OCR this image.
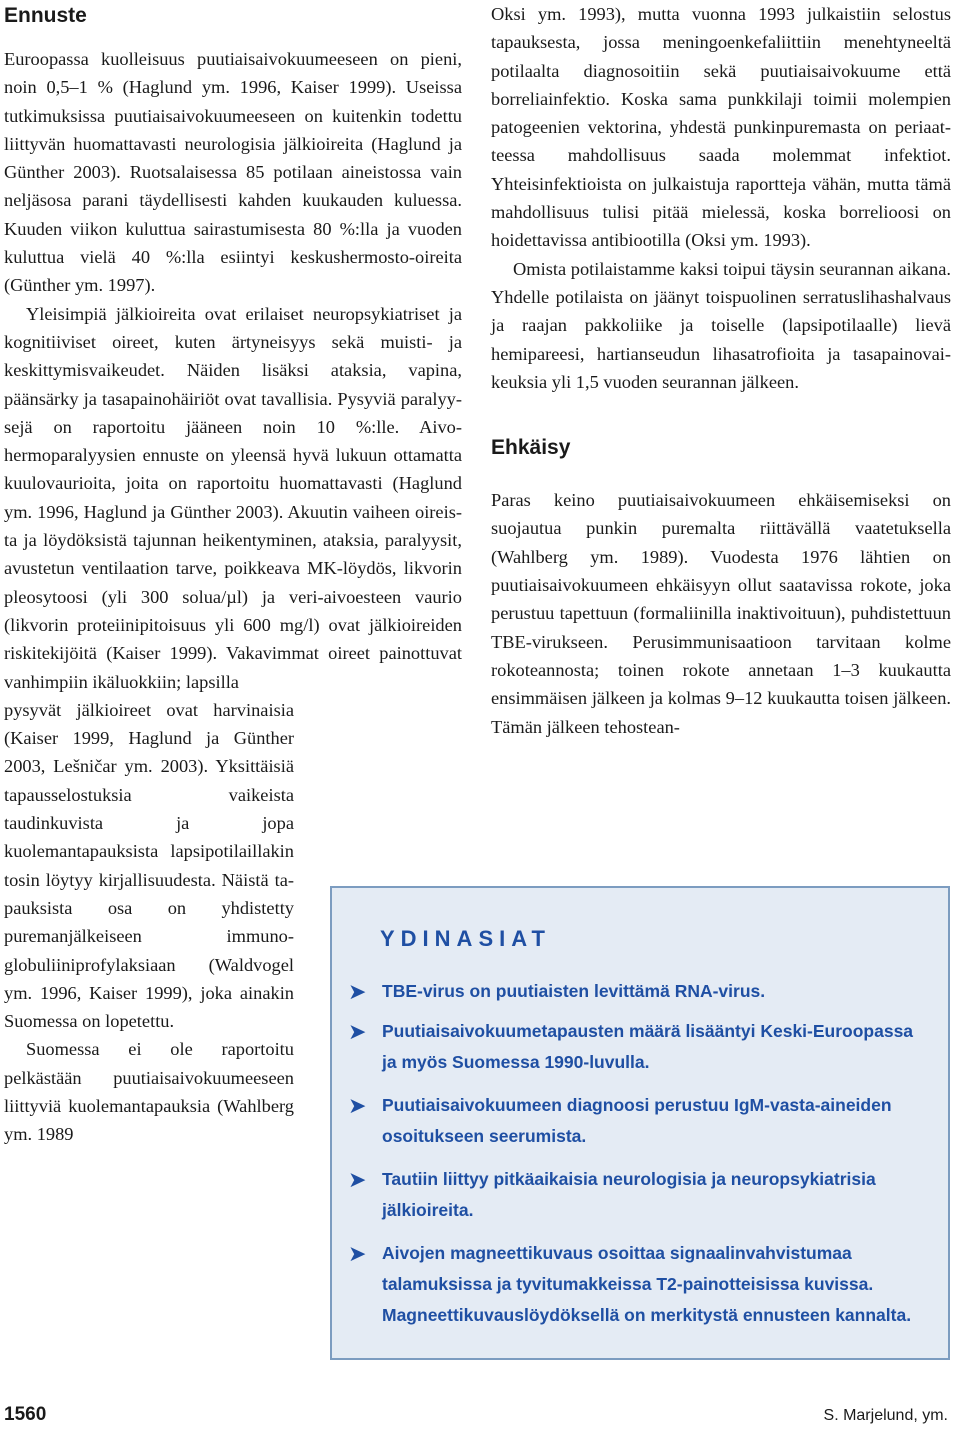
Ennuste

Euroopassa kuolleisuus puutiaisaivokuumeeseen on pieni, noin 0,5–1 % (Haglund ym. 1996, Kaiser 1999). Useissa tutkimuksissa puutiaisaivokuumeeseen on kuitenkin todettu liittyvän huomattavasti neurologisia jälkioireita (Haglund ja Günther 2003). Ruotsalaisessa 85 potilaan aineistossa vain neljäsosa parani täydellisesti kahden kuukauden kuluessa. Kuuden viikon kuluttua sairastumisesta 80 %:lla ja vuoden kuluttua vielä 40 %:lla esiintyi keskushermosto-oireita (Günther ym. 1997).

Yleisimpiä jälkioireita ovat erilaiset neuropsykiatriset ja kognitiiviset oireet, kuten ärtyneisyys sekä muisti- ja keskittymisvaikeudet. Näiden lisäksi ataksia, vapina, päänsärky ja tasapainohäiriöt ovat tavallisia. Pysyviä paralyysejä on raportoitu jääneen noin 10 %:lle. Aivohermoparalyysien ennuste on yleensä hyvä lukuun ottamatta kuulovaurioita, joita on raportoitu huomattavasti (Haglund ym. 1996, Haglund ja Günther 2003). Akuutin vaiheen oireista ja löydöksistä tajunnan heikentyminen, ataksia, paralyysit, avustetun ventilaation tarve, poikkeava MK-löydös, likvorin pleosytoosi (yli 300 solua/µl) ja veri-aivoesteen vaurio (likvorin proteiinipitoisuus yli 600 mg/l) ovat jälkioireiden riskitekijöitä (Kaiser 1999). Vakavimmat oireet painottuvat vanhimpiin ikäluokkiin; lapsilla

pysyvät jälkioireet ovat harvinaisia (Kaiser 1999, Haglund ja Günther 2003, Lešničar ym. 2003). Yksittäisiä tapausselostuksia vaikeista taudinkuvista ja jopa kuolemantapauksista lapsipotilaillakin tosin löytyy kirjallisuudesta. Näistä tapauksista osa on yhdistetty puremanjälkeiseen immunoglobuliiniprofylaksiaan (Waldvogel ym. 1996, Kaiser 1999), joka ainakin Suomessa on lopetettu.

Suomessa ei ole raportoitu pelkästään puutiaisaivokuumeeseen liittyviä kuolemantapauksia (Wahlberg ym. 1989

Oksi ym. 1993), mutta vuonna 1993 julkaistiin selostus tapauksesta, jossa meningoenkefaliittiin menehtyneeltä potilaalta diagnosoitiin sekä puutiaisaivokuume että borreliainfektio. Koska sama punkkilaji toimii molempien patogeenien vektorina, yhdestä punkinpuremasta on periaatteessa mahdollisuus saada molemmat infektiot. Yhteisinfektioista on julkaistuja raportteja vähän, mutta tämä mahdollisuus tulisi pitää mielessä, koska borrelioosi on hoidettavissa antibiootilla (Oksi ym. 1993).

Omista potilaistamme kaksi toipui täysin seurannan aikana. Yhdelle potilaista on jäänyt toispuolinen serratuslihashalvaus ja raajan pakkoliike ja toiselle (lapsipotilaalle) lievä hemipareesi, hartianseudun lihasatrofioita ja tasapainovaikeuksia yli 1,5 vuoden seurannan jälkeen.

Ehkäisy

Paras keino puutiaisaivokuumeen ehkäisemiseksi on suojautua punkin puremalta riittävällä vaatetuksella (Wahlberg ym. 1989). Vuodesta 1976 lähtien on puutiaisaivokuumeen ehkäisyyn ollut saatavissa rokote, joka perustuu tapettuun (formaliinilla inaktivoituun), puhdistettuun TBE-virukseen. Perusimmunisaatioon tarvitaan kolme rokoteannosta; toinen rokote annetaan 1–3 kuukautta ensimmäisen jälkeen ja kolmas 9–12 kuukautta toisen jälkeen. Tämän jälkeen tehostean-

YDINASIAT

➤ TBE-virus on puutiaisten levittämä RNA-virus.
➤ Puutiaisaivokuumetapausten määrä lisääntyi Keski-Euroopassa ja myös Suomessa 1990-luvulla.
➤ Puutiaisaivokuumeen diagnoosi perustuu IgM-vasta-aineiden osoitukseen seerumista.
➤ Tautiin liittyy pitkäaikaisia neurologisia ja neuropsykiatrisia jälkioireita.
➤ Aivojen magneettikuvaus osoittaa signaalinvahvistumaa talamuksissa ja tyvitumakkeissa T2-painotteisissa kuvissa. Magneettikuvauslöydöksellä on merkitystä ennusteen kannalta.

1560	S. Marjelund, ym.
